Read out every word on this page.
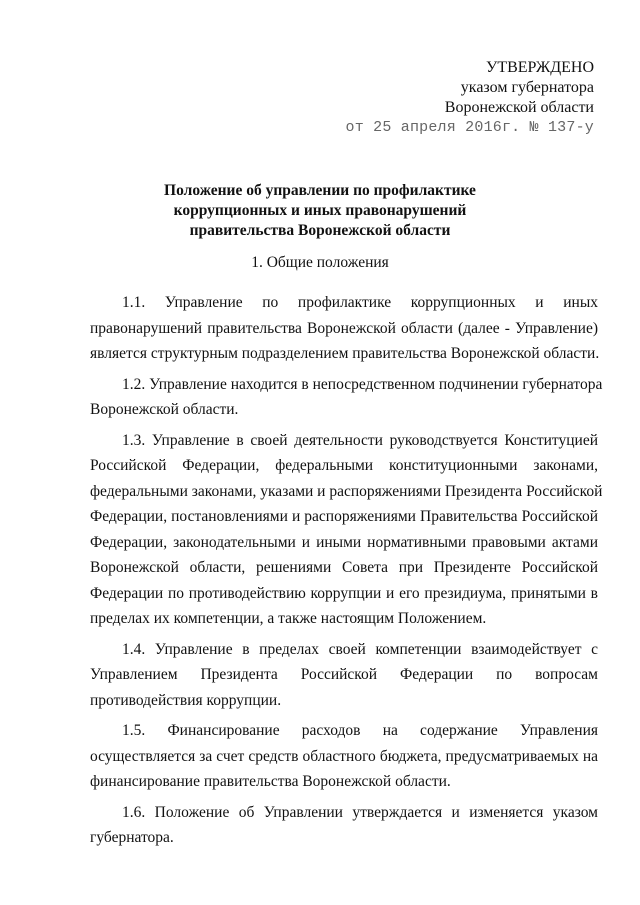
УТВЕРЖДЕНО
указом губернатора
Воронежской области
от 25 апреля 2016г. № 137-у
Положение об управлении по профилактике
коррупционных и иных правонарушений
правительства Воронежской области
1. Общие положения
1.1. Управление по профилактике коррупционных и иных
правонарушений правительства Воронежской области (далее - Управление)
является структурным подразделением правительства Воронежской области.
1.2. Управление находится в непосредственном подчинении губернатора
Воронежской области.
1.3. Управление в своей деятельности руководствуется Конституцией
Российской Федерации, федеральными конституционными законами,
федеральными законами, указами и распоряжениями Президента Российской
Федерации, постановлениями и распоряжениями Правительства Российской
Федерации, законодательными и иными нормативными правовыми актами
Воронежской области, решениями Совета при Президенте Российской
Федерации по противодействию коррупции и его президиума, принятыми в
пределах их компетенции, а также настоящим Положением.
1.4. Управление в пределах своей компетенции взаимодействует с
Управлением Президента Российской Федерации по вопросам
противодействия коррупции.
1.5. Финансирование расходов на содержание Управления
осуществляется за счет средств областного бюджета, предусматриваемых на
финансирование правительства Воронежской области.
1.6. Положение об Управлении утверждается и изменяется указом
губернатора.
